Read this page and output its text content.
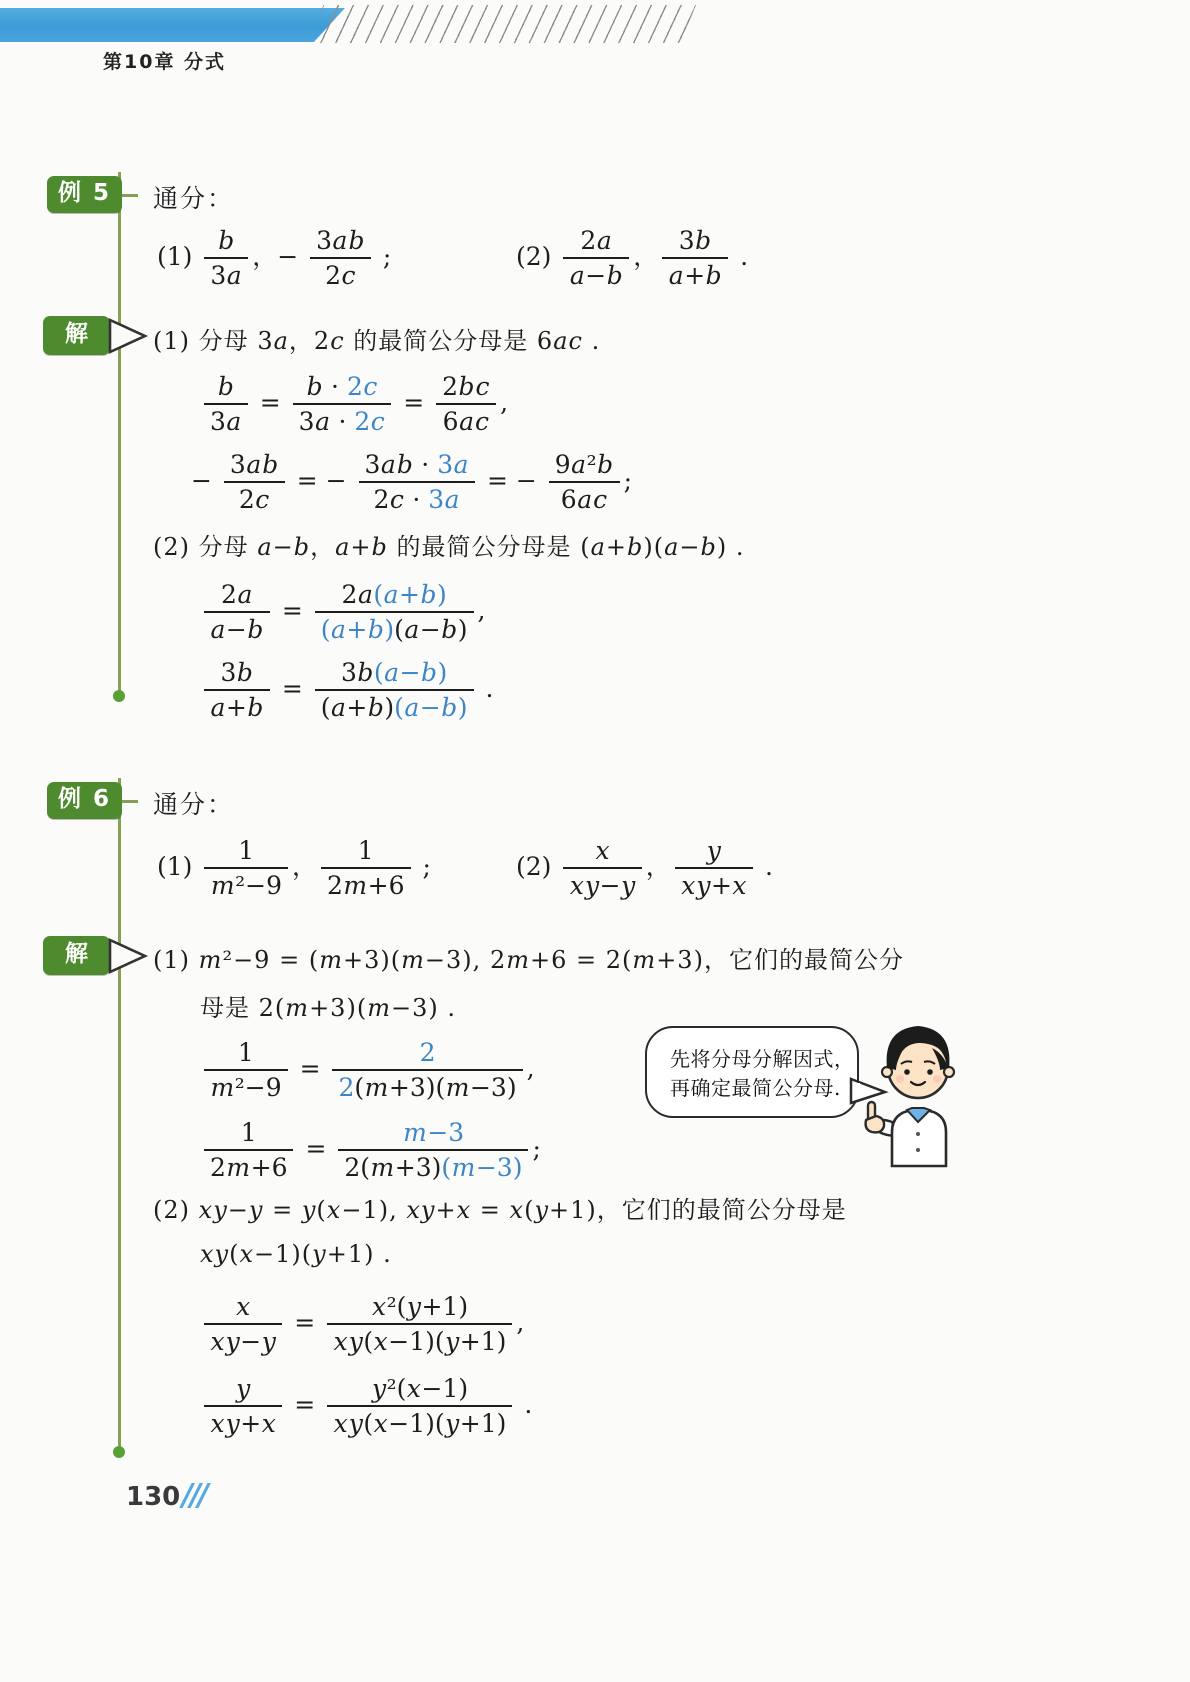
第10章 分式
例 5	通分：
$(1) \frac{b}{3a}$ ，− $\frac{3ab}{2c}$ ;	$(2) \frac{2a}{a-b}$ ， $\frac{3b}{a+b}$ .
解	(1) 分母 3a，2c 的最简公分母是 6ac .
$\frac{b}{3a} = \frac{b \cdot 2c}{3a \cdot 2c} = \frac{2bc}{6ac}$ ,
− $\frac{3ab}{2c}$ = − $\frac{3ab \cdot 3a}{2c \cdot 3a}$ = − $\frac{\text{9a²b}}{6ac}$ ;
(2) 分母 a−b，a+b 的最简公分母是 (a+b)(a−b) .
$\frac{2a}{a-b} = \frac{2a(a+b)}{(a+b)(a-b)}$ ,
$\frac{3b}{a+b} = \frac{3b(a-b)}{(a+b)(a-b)}$ .
例 6	通分：
$(1) \frac{1}{\text{m²−9}}$ ， $\frac{1}{2m+6}$ ;	$(2) \frac{x}{xy-y}$ ， $\frac{y}{xy+x}$ .
解	(1) m²−9 = (m+3)(m−3), 2m+6 = 2(m+3)，它们的最简公分
母是 2(m+3)(m−3) .
$\frac{1}{\text{m²−9}} = \frac{2}{2(m+3)(m-3)}$ ,
$\frac{1}{2m+6} = \frac{m-3}{2(m+3)(m-3)}$ ;
先将分母分解因式，
再确定最简公分母.
(2) xy−y = y(x−1), xy+x = x(y+1)，它们的最简公分母是
xy(x−1)(y+1) .
$\frac{x}{xy-y} = \frac{\text{x²(y+1)}}{xy(x-1)(y+1)}$ ,
$\frac{y}{xy+x} = \frac{\text{y²(x−1)}}{xy(x-1)(y+1)}$ .
130 ///
